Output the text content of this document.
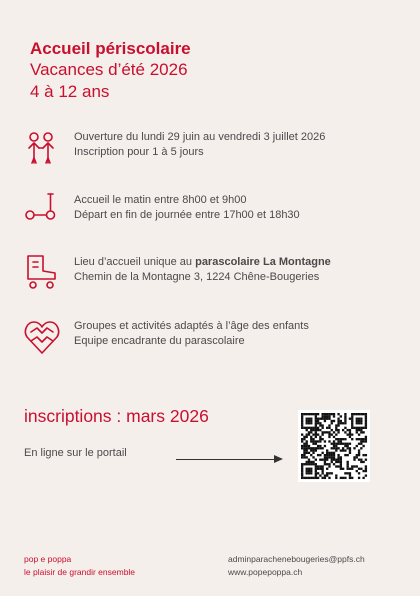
Accueil périscolaire
Vacances d’été 2026
4 à 12 ans
Ouverture du lundi 29 juin au vendredi 3 juillet 2026
Inscription pour 1 à 5 jours
Accueil le matin entre 8h00 et 9h00
Départ en fin de journée entre 17h00 et 18h30
Lieu d’accueil unique au parascolaire La Montagne
Chemin de la Montagne 3, 1224 Chêne-Bougeries
Groupes et activités adaptés à l’âge des enfants
Equipe encadrante du parascolaire
inscriptions : mars 2026
En ligne sur le portail
pop e poppa
le plaisir de grandir ensemble
adminparachenebougeries@ppfs.ch
www.popepoppa.ch
